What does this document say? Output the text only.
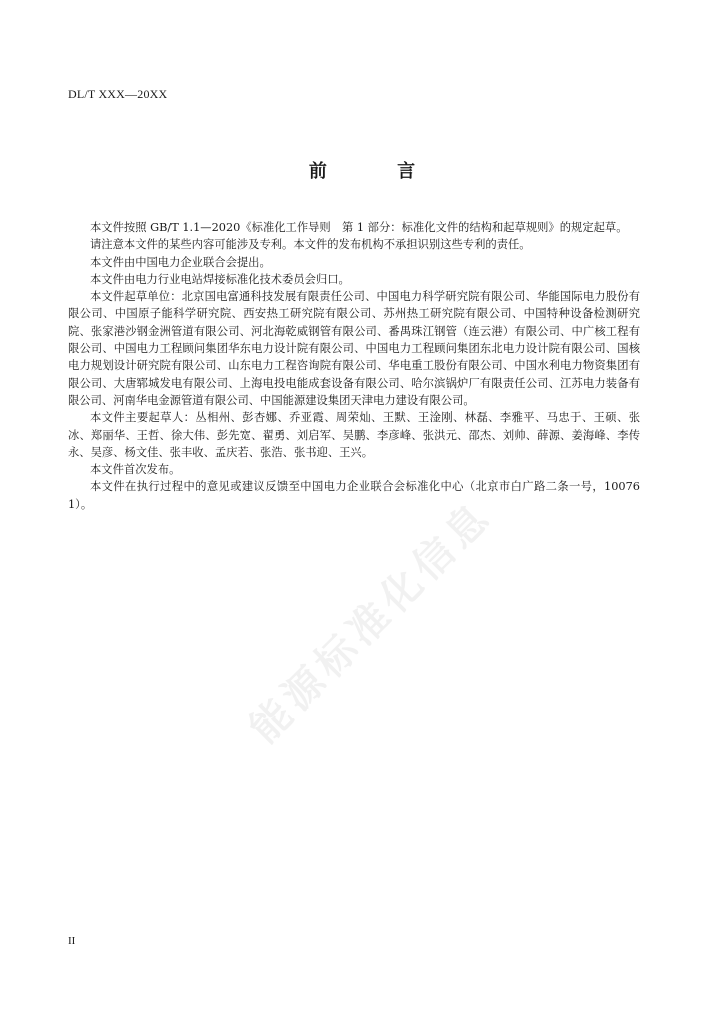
DL/T XXX—20XX
前 言

本文件按照 GB/T 1.1—2020《标准化工作导则　第 1 部分：标准化文件的结构和起草规则》的规定起草。

请注意本文件的某些内容可能涉及专利。本文件的发布机构不承担识别这些专利的责任。

本文件由中国电力企业联合会提出。

本文件由电力行业电站焊接标准化技术委员会归口。

本文件起草单位：北京国电富通科技发展有限责任公司、中国电力科学研究院有限公司、华能国际电力股份有限公司、中国原子能科学研究院、西安热工研究院有限公司、苏州热工研究院有限公司、中国特种设备检测研究院、张家港沙钢金洲管道有限公司、河北海乾威钢管有限公司、番禺珠江钢管（连云港）有限公司、中广核工程有限公司、中国电力工程顾问集团华东电力设计院有限公司、中国电力工程顾问集团东北电力设计院有限公司、国核电力规划设计研究院有限公司、山东电力工程咨询院有限公司、华电重工股份有限公司、中国水利电力物资集团有限公司、大唐郓城发电有限公司、上海电投电能成套设备有限公司、哈尔滨锅炉厂有限责任公司、江苏电力装备有限公司、河南华电金源管道有限公司、中国能源建设集团天津电力建设有限公司。

本文件主要起草人：丛相州、彭杏娜、乔亚霞、周荣灿、王默、王淦刚、林磊、李雅平、马忠于、王硕、张冰、郑丽华、王哲、徐大伟、彭先宽、翟勇、刘启军、吴鹏、李彦峰、张洪元、邵杰、刘帅、薛源、姜海峰、李传永、吴彦、杨文佳、张丰收、孟庆若、张浩、张书迎、王兴。

本文件首次发布。

本文件在执行过程中的意见或建议反馈至中国电力企业联合会标准化中心（北京市白广路二条一号，100761）。	能源标准化信息
II
